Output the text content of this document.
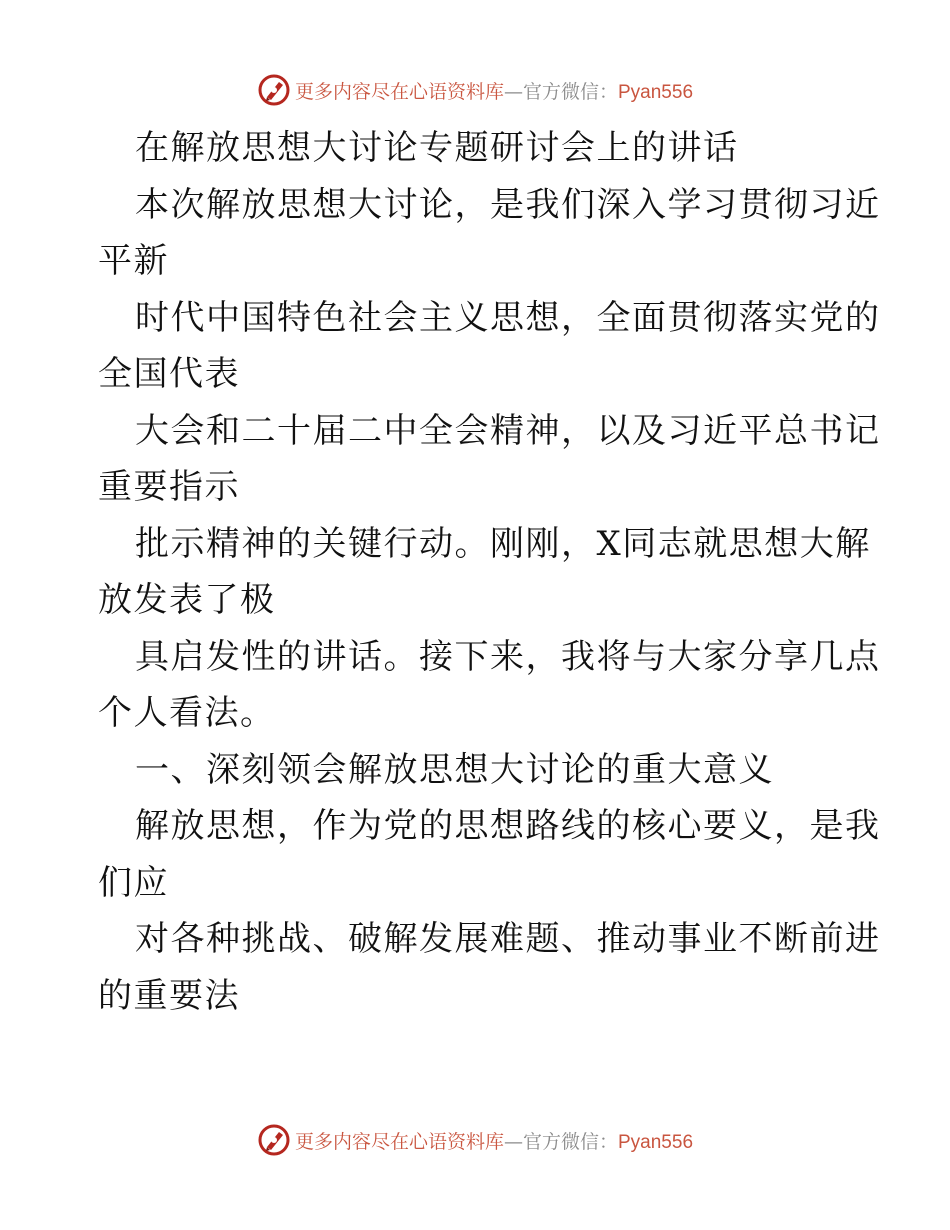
更多内容尽在心语资料库—官方微信：Pyan556
在解放思想大讨论专题研讨会上的讲话
本次解放思想大讨论，是我们深入学习贯彻习近
平新
时代中国特色社会主义思想，全面贯彻落实党的
全国代表
大会和二十届二中全会精神，以及习近平总书记
重要指示
批示精神的关键行动。刚刚，X同志就思想大解
放发表了极
具启发性的讲话。接下来，我将与大家分享几点
个人看法。
一、深刻领会解放思想大讨论的重大意义
解放思想，作为党的思想路线的核心要义，是我
们应
对各种挑战、破解发展难题、推动事业不断前进
的重要法
更多内容尽在心语资料库—官方微信：Pyan556
